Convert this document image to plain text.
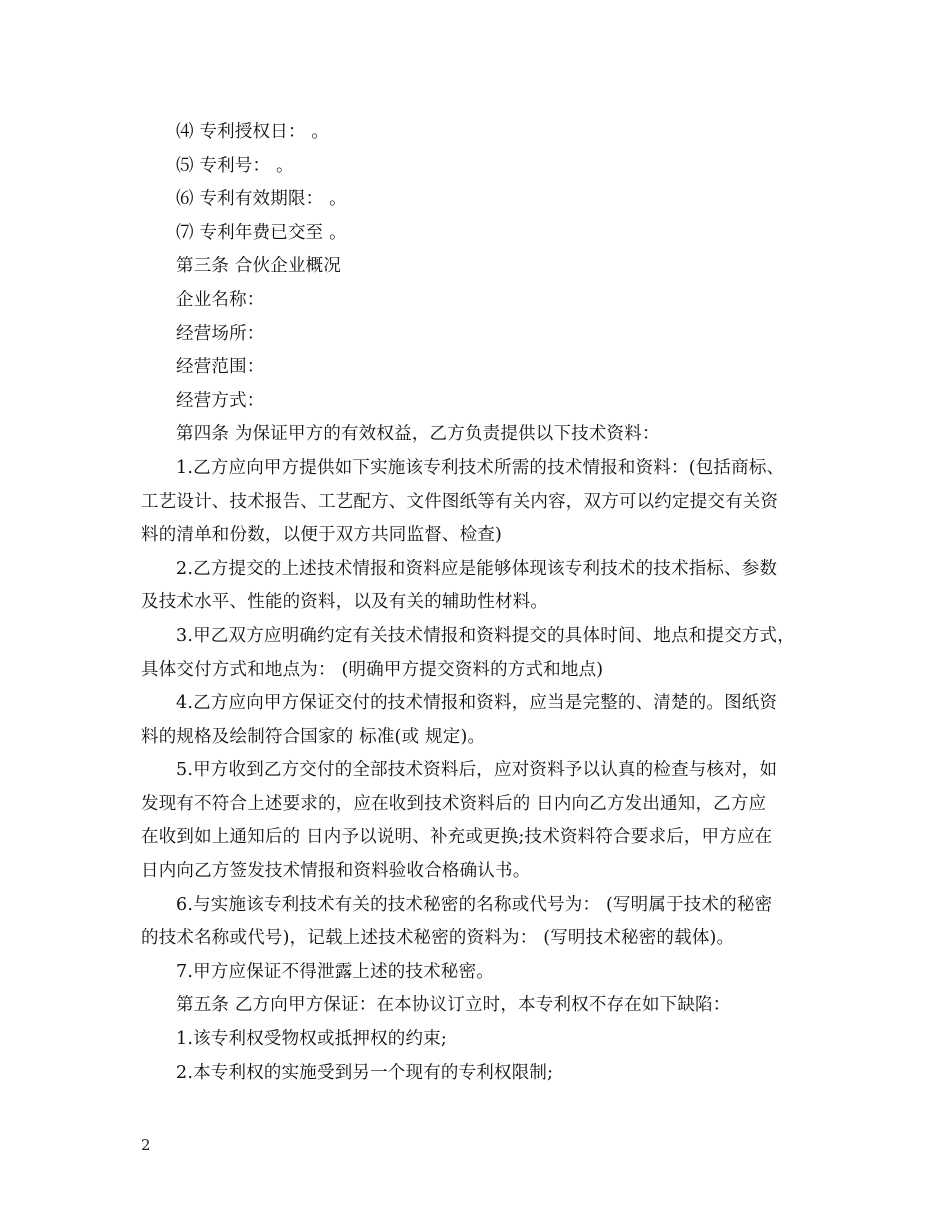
⑷ 专利授权日： 。
⑸ 专利号： 。
⑹ 专利有效期限： 。
⑺ 专利年费已交至 。
第三条 合伙企业概况
企业名称：
经营场所：
经营范围：
经营方式：
第四条 为保证甲方的有效权益，乙方负责提供以下技术资料：
1.乙方应向甲方提供如下实施该专利技术所需的技术情报和资料：(包括商标、
工艺设计、技术报告、工艺配方、文件图纸等有关内容，双方可以约定提交有关资
料的清单和份数，以便于双方共同监督、检查)
2.乙方提交的上述技术情报和资料应是能够体现该专利技术的技术指标、参数
及技术水平、性能的资料，以及有关的辅助性材料。
3.甲乙双方应明确约定有关技术情报和资料提交的具体时间、地点和提交方式，
具体交付方式和地点为： (明确甲方提交资料的方式和地点)
4.乙方应向甲方保证交付的技术情报和资料，应当是完整的、清楚的。图纸资
料的规格及绘制符合国家的 标准(或 规定)。
5.甲方收到乙方交付的全部技术资料后，应对资料予以认真的检查与核对，如
发现有不符合上述要求的，应在收到技术资料后的 日内向乙方发出通知，乙方应
在收到如上通知后的 日内予以说明、补充或更换;技术资料符合要求后，甲方应在
日内向乙方签发技术情报和资料验收合格确认书。
6.与实施该专利技术有关的技术秘密的名称或代号为： (写明属于技术的秘密
的技术名称或代号)，记载上述技术秘密的资料为： (写明技术秘密的载体)。
7.甲方应保证不得泄露上述的技术秘密。
第五条 乙方向甲方保证：在本协议订立时，本专利权不存在如下缺陷：
1.该专利权受物权或抵押权的约束;
2.本专利权的实施受到另一个现有的专利权限制;
2
